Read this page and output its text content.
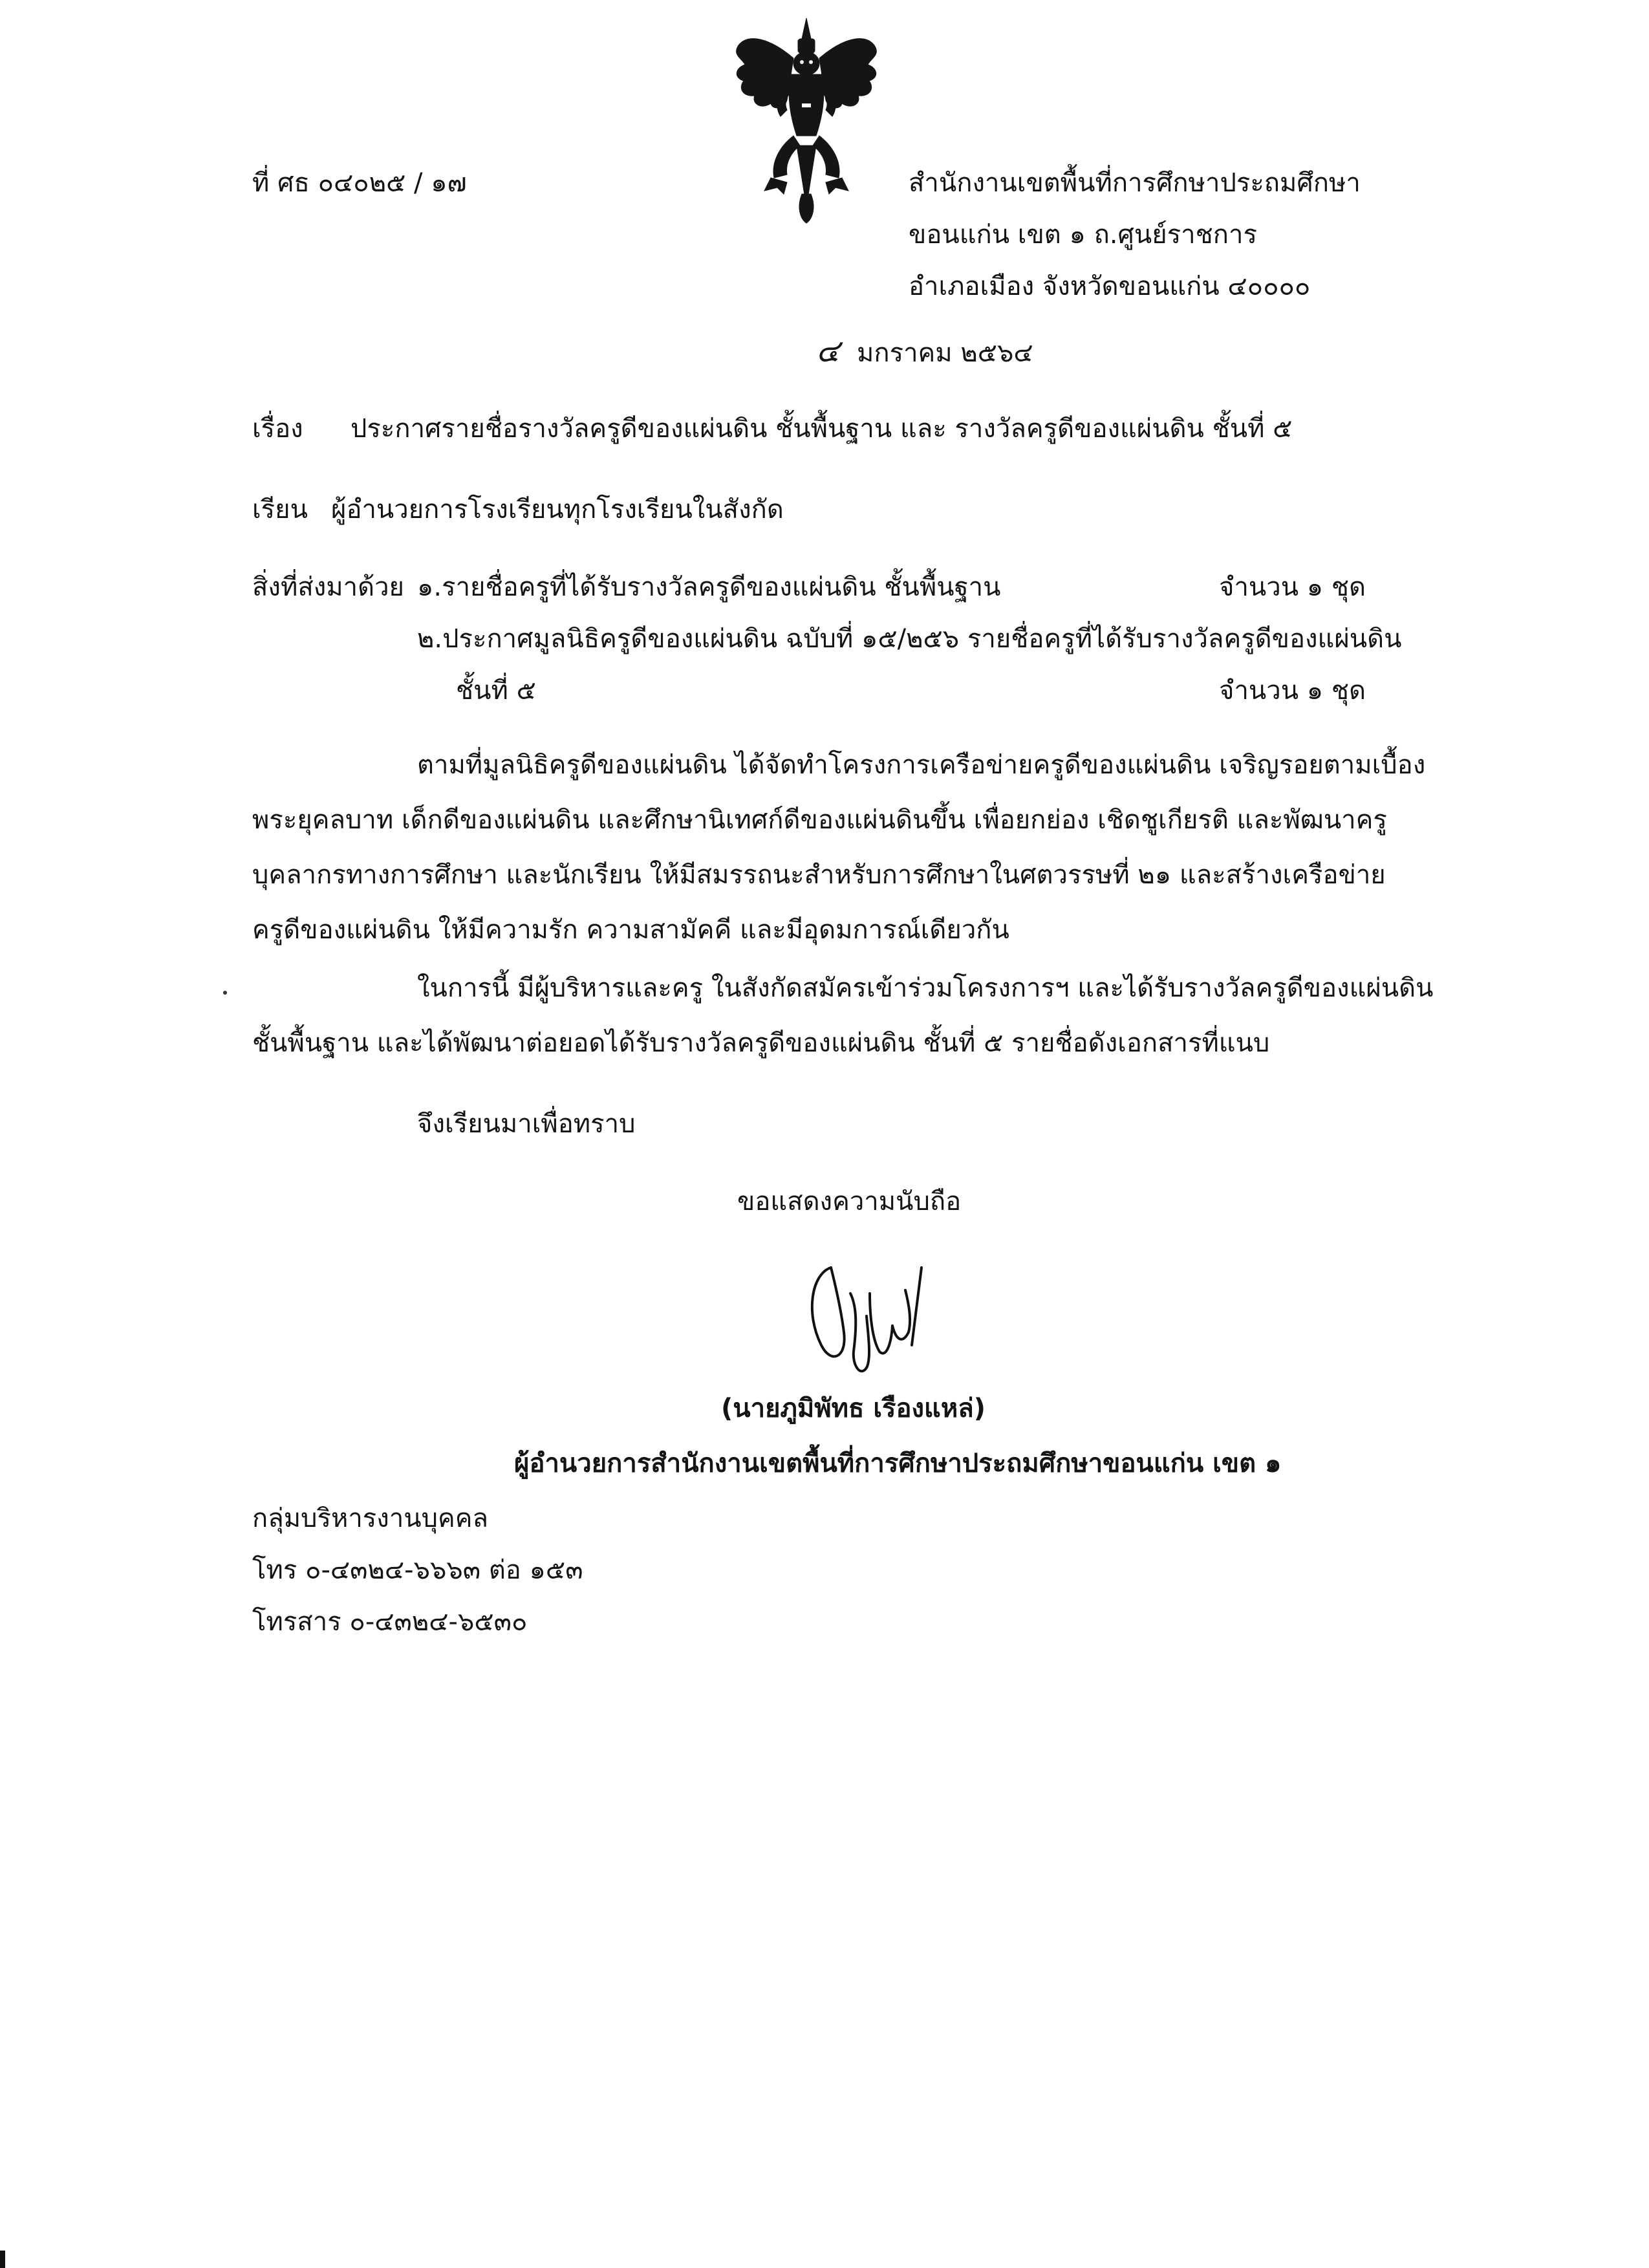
ที่ ศธ ๐๔๐๒๕ / ๑๗	สำนักงานเขตพื้นที่การศึกษาประถมศึกษา
ขอนแก่น เขต ๑ ถ.ศูนย์ราชการ
อำเภอเมือง จังหวัดขอนแก่น ๔๐๐๐๐
๔ มกราคม ๒๕๖๔
เรื่อง ประกาศรายชื่อรางวัลครูดีของแผ่นดิน ชั้นพื้นฐาน และ รางวัลครูดีของแผ่นดิน ชั้นที่ ๕
เรียน ผู้อำนวยการโรงเรียนทุกโรงเรียนในสังกัด
สิ่งที่ส่งมาด้วย ๑.รายชื่อครูที่ได้รับรางวัลครูดีของแผ่นดิน ชั้นพื้นฐาน	จำนวน ๑ ชุด
๒.ประกาศมูลนิธิครูดีของแผ่นดิน ฉบับที่ ๑๕/๒๕๖ รายชื่อครูที่ได้รับรางวัลครูดีของแผ่นดิน
ชั้นที่ ๕	จำนวน ๑ ชุด
ตามที่มูลนิธิครูดีของแผ่นดิน ได้จัดทำโครงการเครือข่ายครูดีของแผ่นดิน เจริญรอยตามเบื้อง
พระยุคลบาท เด็กดีของแผ่นดิน และศึกษานิเทศก์ดีของแผ่นดินขึ้น เพื่อยกย่อง เชิดชูเกียรติ และพัฒนาครู
บุคลากรทางการศึกษา และนักเรียน ให้มีสมรรถนะสำหรับการศึกษาในศตวรรษที่ ๒๑ และสร้างเครือข่าย
ครูดีของแผ่นดิน ให้มีความรัก ความสามัคคี และมีอุดมการณ์เดียวกัน
ในการนี้ มีผู้บริหารและครู ในสังกัดสมัครเข้าร่วมโครงการฯ และได้รับรางวัลครูดีของแผ่นดิน
ชั้นพื้นฐาน และได้พัฒนาต่อยอดได้รับรางวัลครูดีของแผ่นดิน ชั้นที่ ๕ รายชื่อดังเอกสารที่แนบ
จึงเรียนมาเพื่อทราบ
ขอแสดงความนับถือ
(นายภูมิพัทธ เรืองแหล่)
ผู้อำนวยการสำนักงานเขตพื้นที่การศึกษาประถมศึกษาขอนแก่น เขต ๑
กลุ่มบริหารงานบุคคล
โทร ๐-๔๓๒๔-๖๖๖๓ ต่อ ๑๕๓
โทรสาร ๐-๔๓๒๔-๖๕๓๐
